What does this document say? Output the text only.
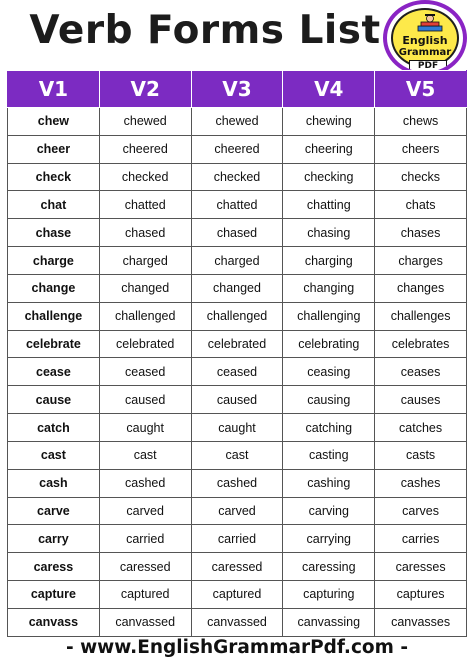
Verb Forms List	English
Grammar
PDF
V1	V2	V3	V4	V5
chew	chewed	chewed	chewing	chews
cheer	cheered	cheered	cheering	cheers
check	checked	checked	checking	checks
chat	chatted	chatted	chatting	chats
chase	chased	chased	chasing	chases
charge	charged	charged	charging	charges
change	changed	changed	changing	changes
challenge	challenged	challenged	challenging	challenges
celebrate	celebrated	celebrated	celebrating	celebrates
cease	ceased	ceased	ceasing	ceases
cause	caused	caused	causing	causes
catch	caught	caught	catching	catches
cast	cast	cast	casting	casts
cash	cashed	cashed	cashing	cashes
carve	carved	carved	carving	carves
carry	carried	carried	carrying	carries
caress	caressed	caressed	caressing	caresses
capture	captured	captured	capturing	captures
canvass	canvassed	canvassed	canvassing	canvasses
- www.EnglishGrammarPdf.com -
